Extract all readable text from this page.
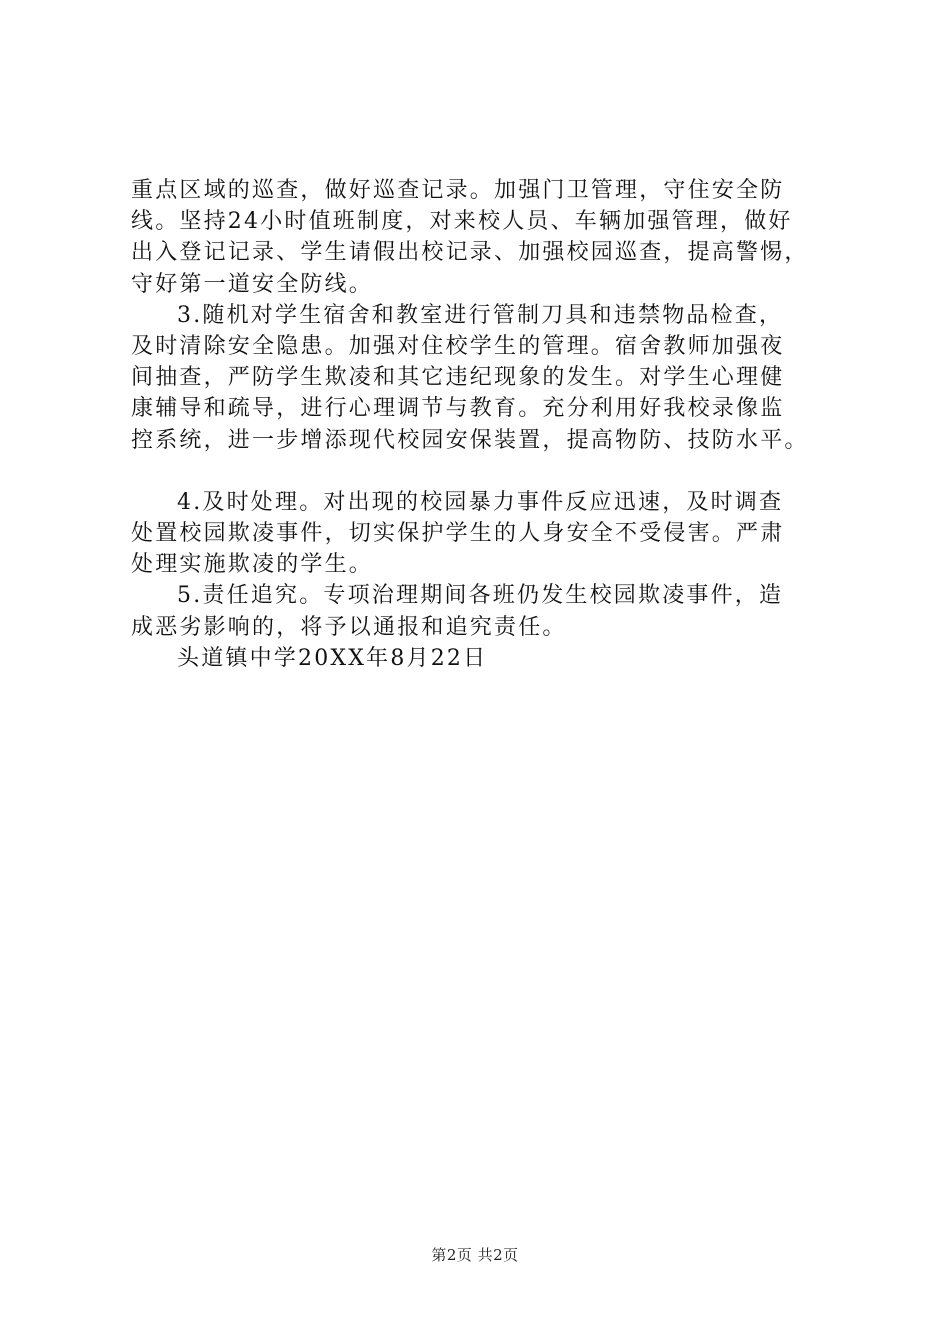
重点区域的巡查，做好巡查记录。加强门卫管理，守住安全防
线。坚持24小时值班制度，对来校人员、车辆加强管理，做好
出入登记记录、学生请假出校记录、加强校园巡查，提高警惕，
守好第一道安全防线。
3.随机对学生宿舍和教室进行管制刀具和违禁物品检查，
及时清除安全隐患。加强对住校学生的管理。宿舍教师加强夜
间抽查，严防学生欺凌和其它违纪现象的发生。对学生心理健
康辅导和疏导，进行心理调节与教育。充分利用好我校录像监
控系统，进一步增添现代校园安保装置，提高物防、技防水平。
4.及时处理。对出现的校园暴力事件反应迅速，及时调查
处置校园欺凌事件，切实保护学生的人身安全不受侵害。严肃
处理实施欺凌的学生。
5.责任追究。专项治理期间各班仍发生校园欺凌事件，造
成恶劣影响的，将予以通报和追究责任。
头道镇中学20XX年8月22日
第2页 共2页
